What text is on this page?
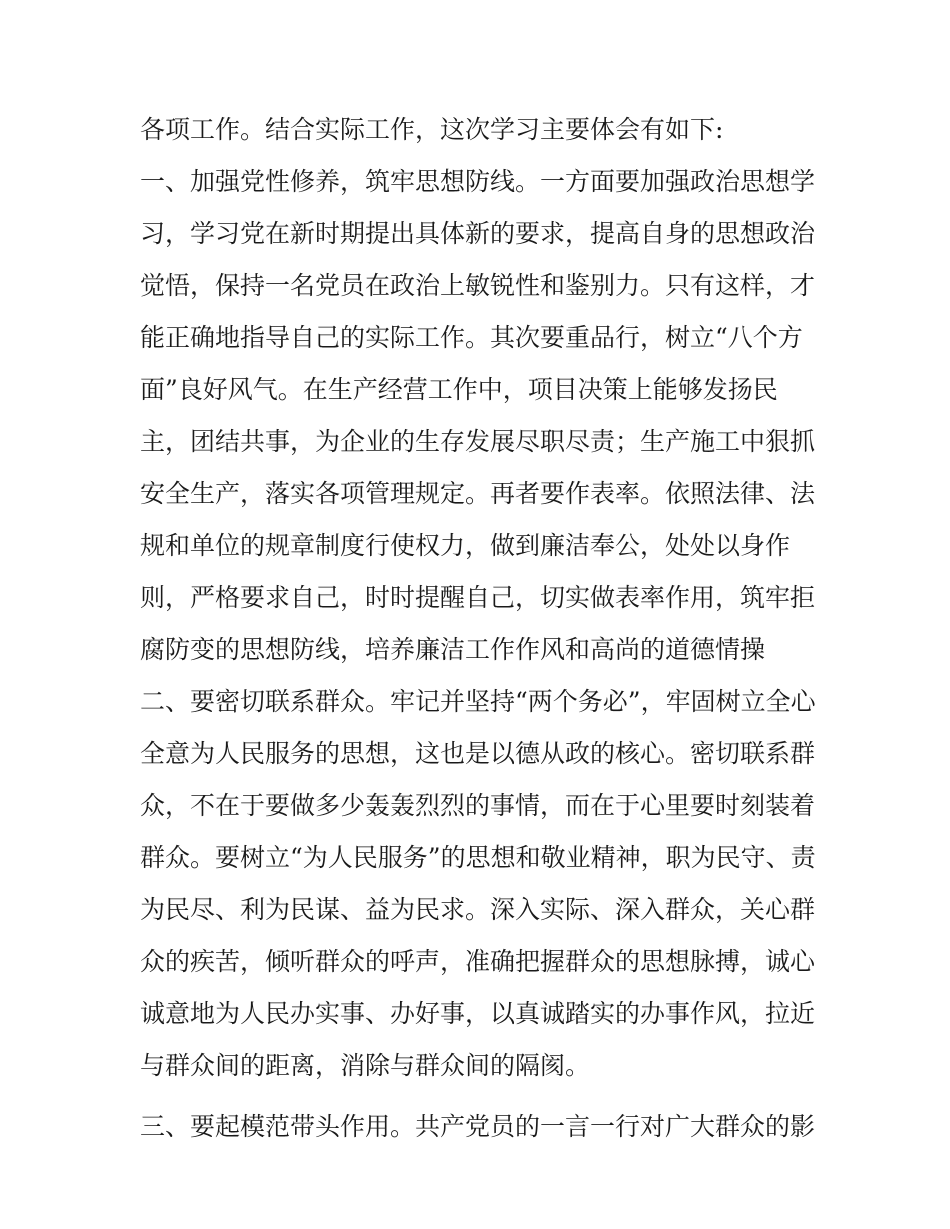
各项工作。结合实际工作，这次学习主要体会有如下:
一、加强党性修养，筑牢思想防线。一方面要加强政治思想学
习，学习党在新时期提出具体新的要求，提高自身的思想政治
觉悟，保持一名党员在政治上敏锐性和鉴别力。只有这样，才
能正确地指导自己的实际工作。其次要重品行，树立“八个方
面”良好风气。在生产经营工作中，项目决策上能够发扬民
主，团结共事，为企业的生存发展尽职尽责；生产施工中狠抓
安全生产，落实各项管理规定。再者要作表率。依照法律、法
规和单位的规章制度行使权力，做到廉洁奉公，处处以身作
则，严格要求自己，时时提醒自己，切实做表率作用，筑牢拒
腐防变的思想防线，培养廉洁工作作风和高尚的道德情操
二、要密切联系群众。牢记并坚持“两个务必”，牢固树立全心
全意为人民服务的思想，这也是以德从政的核心。密切联系群
众，不在于要做多少轰轰烈烈的事情，而在于心里要时刻装着
群众。要树立“为人民服务”的思想和敬业精神，职为民守、责
为民尽、利为民谋、益为民求。深入实际、深入群众，关心群
众的疾苦，倾听群众的呼声，准确把握群众的思想脉搏，诚心
诚意地为人民办实事、办好事，以真诚踏实的办事作风，拉近
与群众间的距离，消除与群众间的隔阂。
三、要起模范带头作用。共产党员的一言一行对广大群众的影
